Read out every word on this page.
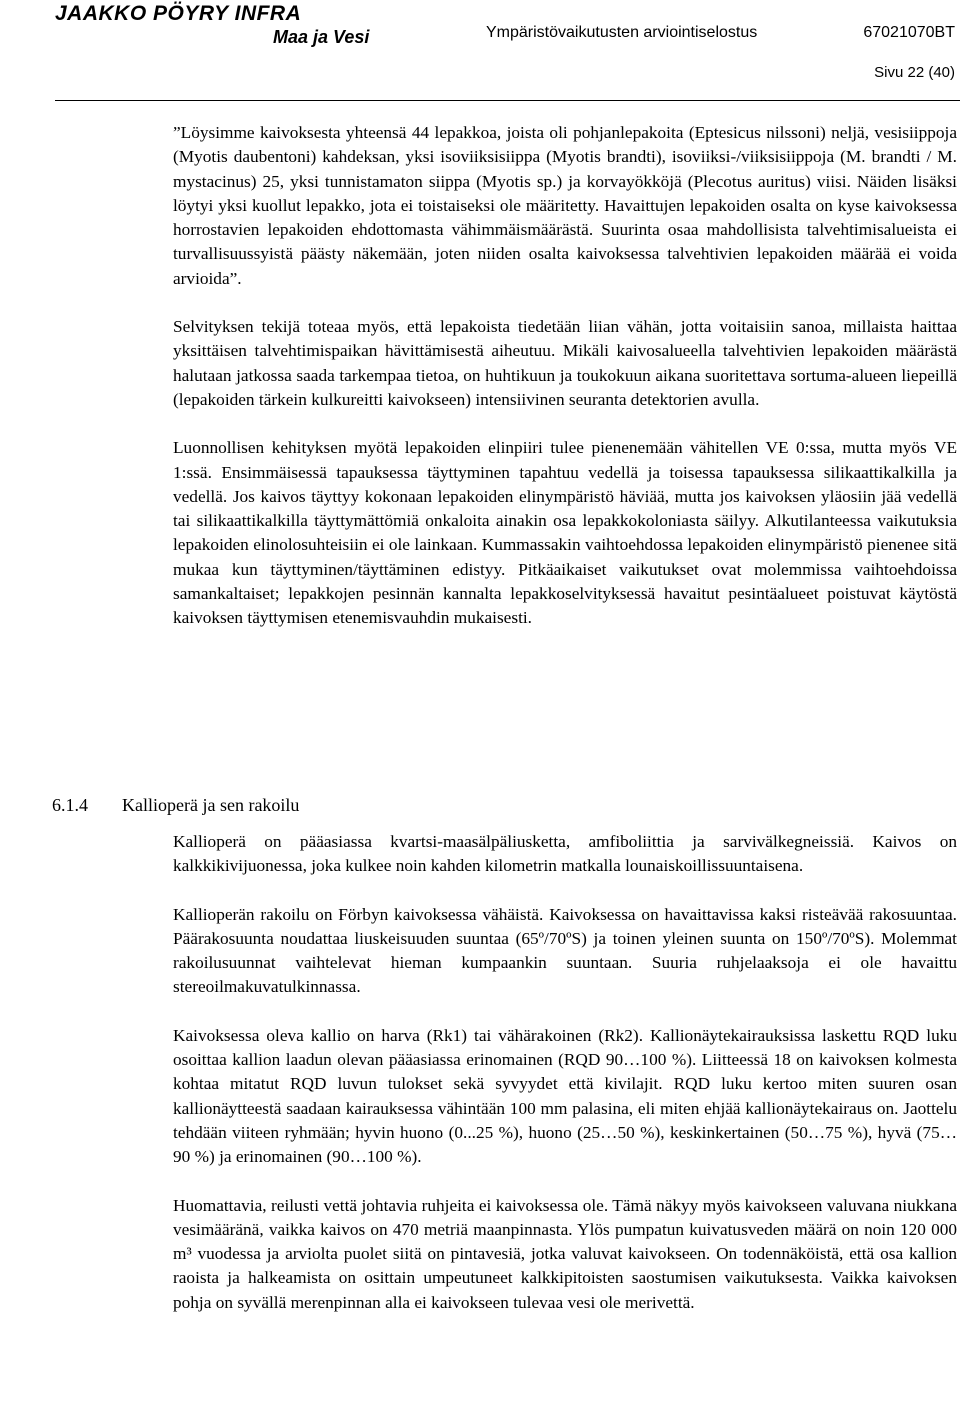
JAAKKO PÖYRY INFRA
Maa ja Vesi	Ympäristövaikutusten arviointiselostus	67021070BT
Sivu 22 (40)

”Löysimme kaivoksesta yhteensä 44 lepakkoa, joista oli pohjanlepakoita (Eptesicus nilssoni) neljä, vesisiippoja (Myotis daubentoni) kahdeksan, yksi isoviiksisiippa (Myotis brandti), isoviiksi-/viiksisiippoja (M. brandti / M. mystacinus) 25, yksi tunnistamaton siippa (Myotis sp.) ja korvayökköjä (Plecotus auritus) viisi. Näiden lisäksi löytyi yksi kuollut lepakko, jota ei toistaiseksi ole määritetty. Havaittujen lepakoiden osalta on kyse kaivoksessa horrostavien lepakoiden ehdottomasta vähimmäismäärästä. Suurinta osaa mahdollisista talvehtimisalueista ei turvallisuussyistä päästy näkemään, joten niiden osalta kaivoksessa talvehtivien lepakoiden määrää ei voida arvioida”.

Selvityksen tekijä toteaa myös, että lepakoista tiedetään liian vähän, jotta voitaisiin sanoa, millaista haittaa yksittäisen talvehtimispaikan hävittämisestä aiheutuu. Mikäli kaivosalueella talvehtivien lepakoiden määrästä halutaan jatkossa saada tarkempaa tietoa, on huhtikuun ja toukokuun aikana suoritettava sortuma-alueen liepeillä (lepakoiden tärkein kulkureitti kaivokseen) intensiivinen seuranta detektorien avulla.

Luonnollisen kehityksen myötä lepakoiden elinpiiri tulee pienenemään vähitellen VE 0:ssa, mutta myös VE 1:ssä. Ensimmäisessä tapauksessa täyttyminen tapahtuu vedellä ja toisessa tapauksessa silikaattikalkilla ja vedellä. Jos kaivos täyttyy kokonaan lepakoiden elinympäristö häviää, mutta jos kaivoksen yläosiin jää vedellä tai silikaattikalkilla täyttymättömiä onkaloita ainakin osa lepakkokoloniasta säilyy. Alkutilanteessa vaikutuksia lepakoiden elinolosuhteisiin ei ole lainkaan. Kummassakin vaihtoehdossa lepakoiden elinympäristö pienenee sitä mukaa kun täyttyminen/täyttäminen edistyy. Pitkäaikaiset vaikutukset ovat molemmissa vaihtoehdoissa samankaltaiset; lepakkojen pesinnän kannalta lepakkoselvityksessä havaitut pesintäalueet poistuvat käytöstä kaivoksen täyttymisen etenemisvauhdin mukaisesti.

6.1.4 Kallioperä ja sen rakoilu

Kallioperä on pääasiassa kvartsi-maasälpäliusketta, amfiboliittia ja sarvivälkegneissiä. Kaivos on kalkkikivijuonessa, joka kulkee noin kahden kilometrin matkalla lounaiskoillissuuntaisena.

Kallioperän rakoilu on Förbyn kaivoksessa vähäistä. Kaivoksessa on havaittavissa kaksi risteävää rakosuuntaa. Päärakosuunta noudattaa liuskeisuuden suuntaa (65º/70ºS) ja toinen yleinen suunta on 150º/70ºS). Molemmat rakoilusuunnat vaihtelevat hieman kumpaankin suuntaan. Suuria ruhjelaaksoja ei ole havaittu stereoilmakuvatulkinnassa.

Kaivoksessa oleva kallio on harva (Rk1) tai vähärakoinen (Rk2). Kallionäytekairauksissa laskettu RQD luku osoittaa kallion laadun olevan pääasiassa erinomainen (RQD 90…100 %). Liitteessä 18 on kaivoksen kolmesta kohtaa mitatut RQD luvun tulokset sekä syvyydet että kivilajit. RQD luku kertoo miten suuren osan kallionäytteestä saadaan kairauksessa vähintään 100 mm palasina, eli miten ehjää kallionäytekairaus on. Jaottelu tehdään viiteen ryhmään; hyvin huono (0...25 %), huono (25…50 %), keskinkertainen (50…75 %), hyvä (75…90 %) ja erinomainen (90…100 %).

Huomattavia, reilusti vettä johtavia ruhjeita ei kaivoksessa ole. Tämä näkyy myös kaivokseen valuvana niukkana vesimääränä, vaikka kaivos on 470 metriä maanpinnasta. Ylös pumpatun kuivatusveden määrä on noin 120 000 m³ vuodessa ja arviolta puolet siitä on pintavesiä, jotka valuvat kaivokseen. On todennäköistä, että osa kallion raoista ja halkeamista on osittain umpeutuneet kalkkipitoisten saostumisen vaikutuksesta. Vaikka kaivoksen pohja on syvällä merenpinnan alla ei kaivokseen tulevaa vesi ole merivettä.
